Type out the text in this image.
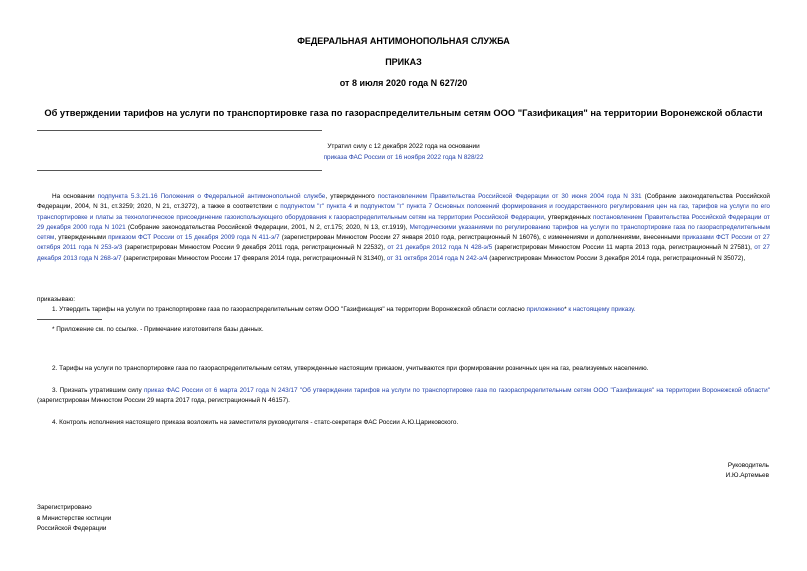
ФЕДЕРАЛЬНАЯ АНТИМОНОПОЛЬНАЯ СЛУЖБА
ПРИКАЗ
от 8 июля 2020 года N 627/20
Об утверждении тарифов на услуги по транспортировке газа по газораспределительным сетям ООО "Газификация" на территории Воронежской области
Утратил силу с 12 декабря 2022 года на основании
приказа ФАС России от 16 ноября 2022 года N 828/22
На основании подпункта 5.3.21.16 Положения о Федеральной антимонопольной службе, утвержденного постановлением Правительства Российской Федерации от 30 июня 2004 года N 331 (Собрание законодательства Российской Федерации, 2004, N 31, ст.3259; 2020, N 21, ст.3272), а также в соответствии с подпунктом "г" пункта 4 и подпунктом "г" пункта 7 Основных положений формирования и государственного регулирования цен на газ, тарифов на услуги по его транспортировке и платы за технологическое присоединение газоиспользующего оборудования к газораспределительным сетям на территории Российской Федерации, утвержденных постановлением Правительства Российской Федерации от 29 декабря 2000 года N 1021 (Собрание законодательства Российской Федерации, 2001, N 2, ст.175; 2020, N 13, ст.1919), Методическими указаниями по регулированию тарифов на услуги по транспортировке газа по газораспределительным сетям, утвержденными приказом ФСТ России от 15 декабря 2009 года N 411-э/7 (зарегистрирован Минюстом России 27 января 2010 года, регистрационный N 16076), с изменениями и дополнениями, внесенными приказами ФСТ России от 27 октября 2011 года N 253-э/3 (зарегистрирован Минюстом России 9 декабря 2011 года, регистрационный N 22532), от 21 декабря 2012 года N 428-э/5 (зарегистрирован Минюстом России 11 марта 2013 года, регистрационный N 27581), от 27 декабря 2013 года N 268-э/7 (зарегистрирован Минюстом России 17 февраля 2014 года, регистрационный N 31340), от 31 октября 2014 года N 242-э/4 (зарегистрирован Минюстом России 3 декабря 2014 года, регистрационный N 35072),
приказываю:
1. Утвердить тарифы на услуги по транспортировке газа по газораспределительным сетям ООО "Газификация" на территории Воронежской области согласно приложению* к настоящему приказу.
* Приложение см. по ссылке. - Примечание изготовителя базы данных.
2. Тарифы на услуги по транспортировке газа по газораспределительным сетям, утвержденные настоящим приказом, учитываются при формировании розничных цен на газ, реализуемых населению.
3. Признать утратившим силу приказ ФАС России от 6 марта 2017 года N 243/17 "Об утверждении тарифов на услуги по транспортировке газа по газораспределительным сетям ООО "Газификация" на территории Воронежской области" (зарегистрирован Минюстом России 29 марта 2017 года, регистрационный N 46157).
4. Контроль исполнения настоящего приказа возложить на заместителя руководителя - статс-секретаря ФАС России А.Ю.Цариковского.
Руководитель
И.Ю.Артемьев
Зарегистрировано
в Министерстве юстиции
Российской Федерации
